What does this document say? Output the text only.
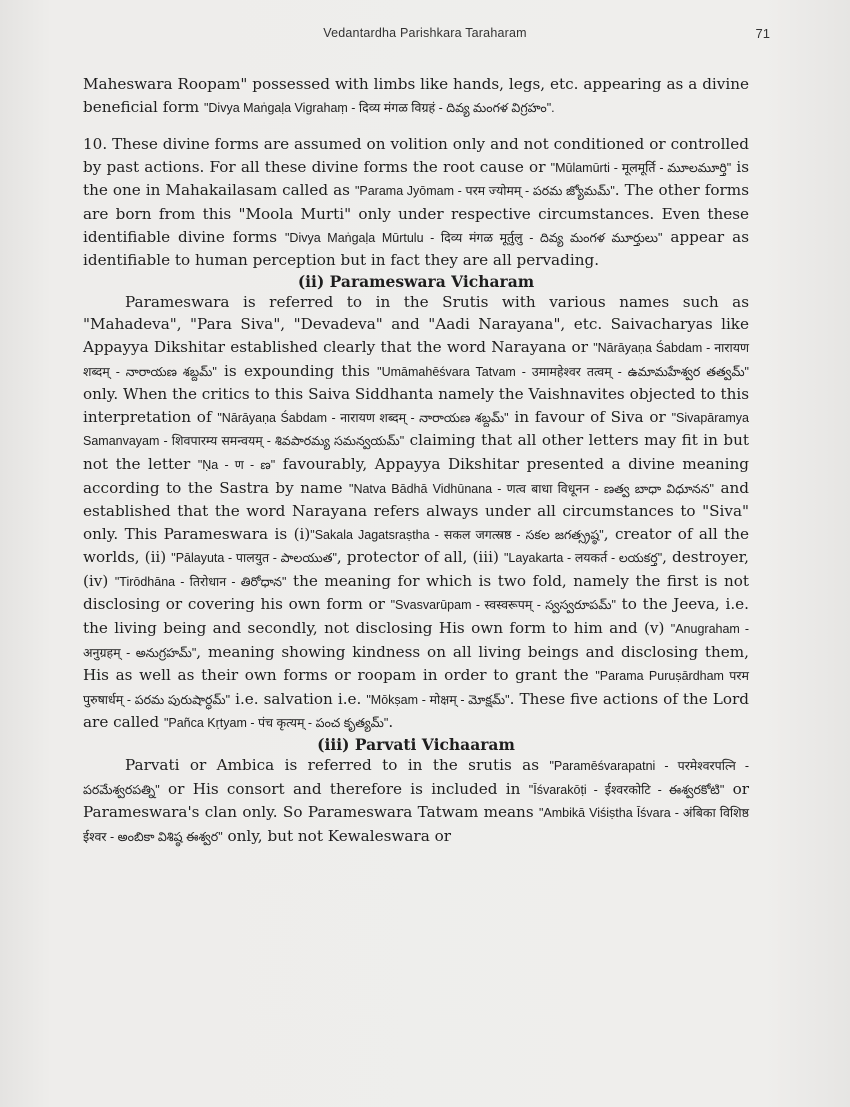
Vedantardha Parishkara Taraharam	71

Maheswara Roopam" possessed with limbs like hands, legs, etc. appearing as a divine beneficial form "Divya Maṅgaḷa Vigrahaṃ - दिव्य मंगळ विग्रहं - దివ్య మంగళ విగ్రహం".

10. These divine forms are assumed on volition only and not conditioned or controlled by past actions. For all these divine forms the root cause or "Mūlamūrti - मूलमूर्ति - మూలమూర్తి" is the one in Mahakailasam called as "Parama Jyōmam - परम ज्योमम् - పరమ జ్యోమమ్". The other forms are born from this "Moola Murti" only under respective circumstances. Even these identifiable divine forms "Divya Maṅgaḷa Mūrtulu - दिव्य मंगळ मूर्तुलु - దివ్య మంగళ మూర్తులు" appear as identifiable to human perception but in fact they are all pervading.

(ii) Parameswara Vicharam

Parameswara is referred to in the Srutis with various names such as "Mahadeva", "Para Siva", "Devadeva" and "Aadi Narayana", etc. Saivacharyas like Appayya Dikshitar established clearly that the word Narayana or "Nārāyaṇa Śabdam - नारायण शब्दम् - నారాయణ శబ్దమ్" is expounding this "Umāmahēśvara Tatvam - उमामहेश्वर तत्वम् - ఉమామహేశ్వర తత్వమ్" only. When the critics to this Saiva Siddhanta namely the Vaishnavites objected to this interpretation of "Nārāyaṇa Śabdam - नारायण शब्दम् - నారాయణ శబ్దమ్" in favour of Siva or "Sivapāramya Samanvayam - शिवपारम्य समन्वयम् - శివపారమ్య సమన్వయమ్" claiming that all other letters may fit in but not the letter "Ṇa - ण - ణ" favourably, Appayya Dikshitar presented a divine meaning according to the Sastra by name "Natva Bādhā Vidhūnana - णत्व बाधा विधूनन - ణత్వ బాధా విధూనన" and established that the word Narayana refers always under all circumstances to "Siva" only. This Parameswara is (i)"Sakala Jagatsraṣtha - सकल जगत्स्रष्ठ - సకల జగత్స్రష్ఠ", creator of all the worlds, (ii) "Pālayuta - पालयुत - పాలయుత", protector of all, (iii) "Layakarta - लयकर्त - లయకర్త", destroyer, (iv) "Tirōdhāna - तिरोधान - తిరోధాన" the meaning for which is two fold, namely the first is not disclosing or covering his own form or "Svasvarūpam - स्वस्वरूपम् - స్వస్వరూపమ్" to the Jeeva, i.e. the living being and secondly, not disclosing His own form to him and (v) "Anugraham - अनुग्रहम् - అనుగ్రహమ్", meaning showing kindness on all living beings and disclosing them, His as well as their own forms or roopam in order to grant the "Parama Puruṣārdham परम पुरुषार्धम् - పరమ పురుషార్ధమ్" i.e. salvation i.e. "Mōkṣam - मोक्षम् - మోక్షమ్". These five actions of the Lord are called "Pañca Kṛtyam - पंच कृत्यम् - పంచ కృత్యమ్".

(iii) Parvati Vichaaram

Parvati or Ambica is referred to in the srutis as "Paramēśvarapatni - परमेश्वरपत्नि - పరమేశ్వరపత్ని" or His consort and therefore is included in "Īśvarakōṭi - ईश्वरकोटि - ఈశ్వరకోటి" or Parameswara's clan only. So Parameswara Tatwam means "Ambikā Viśiṣtha Īśvara - अंबिका विशिष्ठ ईश्वर - అంబికా విశిష్ఠ ఈశ్వర" only, but not Kewaleswara or
